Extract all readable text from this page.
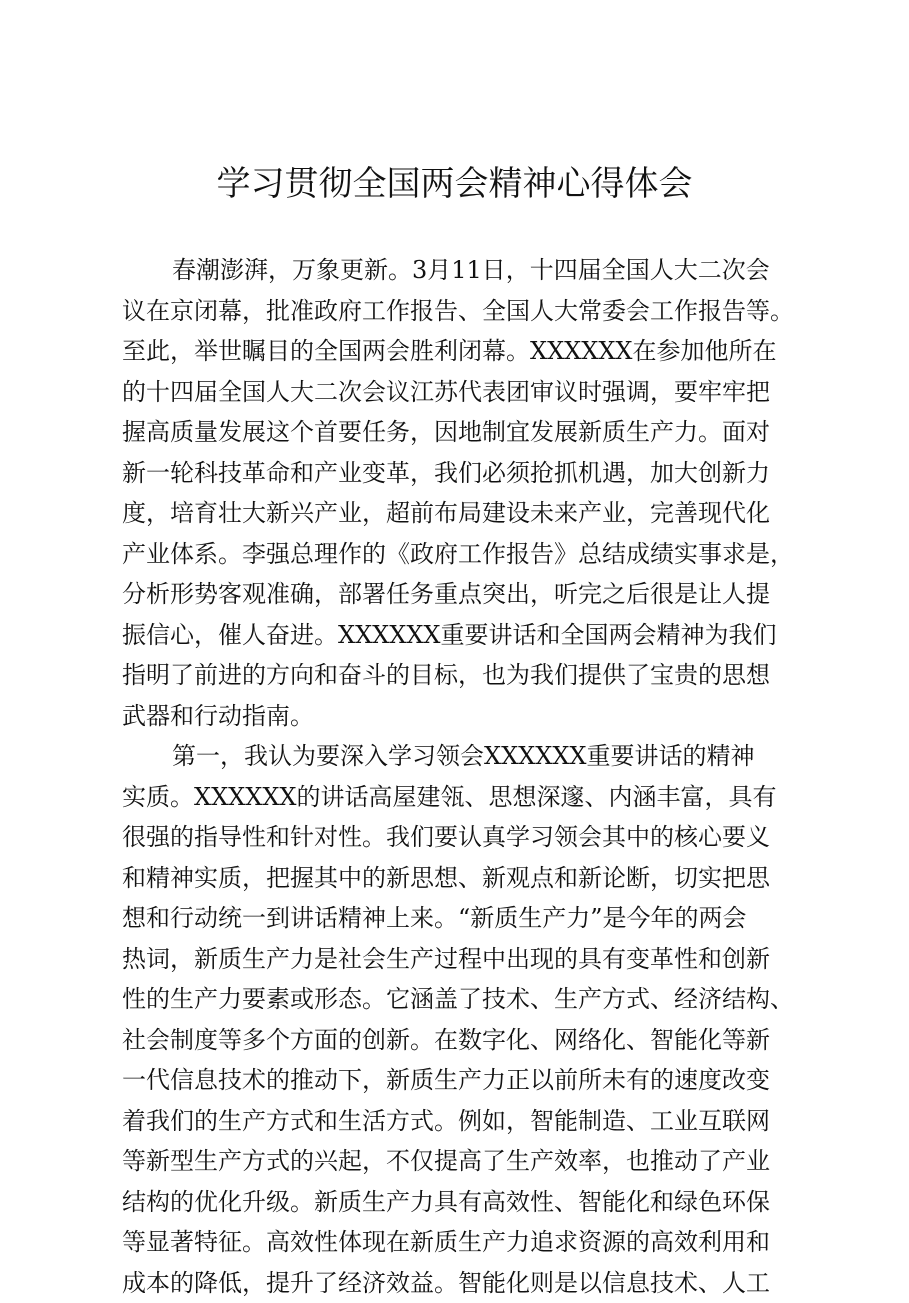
学习贯彻全国两会精神心得体会
春潮澎湃，万象更新。3月11日，十四届全国人大二次会
议在京闭幕，批准政府工作报告、全国人大常委会工作报告等。
至此，举世瞩目的全国两会胜利闭幕。XXXXXX在参加他所在
的十四届全国人大二次会议江苏代表团审议时强调，要牢牢把
握高质量发展这个首要任务，因地制宜发展新质生产力。面对
新一轮科技革命和产业变革，我们必须抢抓机遇，加大创新力
度，培育壮大新兴产业，超前布局建设未来产业，完善现代化
产业体系。李强总理作的《政府工作报告》总结成绩实事求是，
分析形势客观准确，部署任务重点突出，听完之后很是让人提
振信心，催人奋进。XXXXXX重要讲话和全国两会精神为我们
指明了前进的方向和奋斗的目标，也为我们提供了宝贵的思想
武器和行动指南。
第一，我认为要深入学习领会XXXXXX重要讲话的精神
实质。XXXXXX的讲话高屋建瓴、思想深邃、内涵丰富，具有
很强的指导性和针对性。我们要认真学习领会其中的核心要义
和精神实质，把握其中的新思想、新观点和新论断，切实把思
想和行动统一到讲话精神上来。“新质生产力”是今年的两会
热词，新质生产力是社会生产过程中出现的具有变革性和创新
性的生产力要素或形态。它涵盖了技术、生产方式、经济结构、
社会制度等多个方面的创新。在数字化、网络化、智能化等新
一代信息技术的推动下，新质生产力正以前所未有的速度改变
着我们的生产方式和生活方式。例如，智能制造、工业互联网
等新型生产方式的兴起，不仅提高了生产效率，也推动了产业
结构的优化升级。新质生产力具有高效性、智能化和绿色环保
等显著特征。高效性体现在新质生产力追求资源的高效利用和
成本的降低，提升了经济效益。智能化则是以信息技术、人工
